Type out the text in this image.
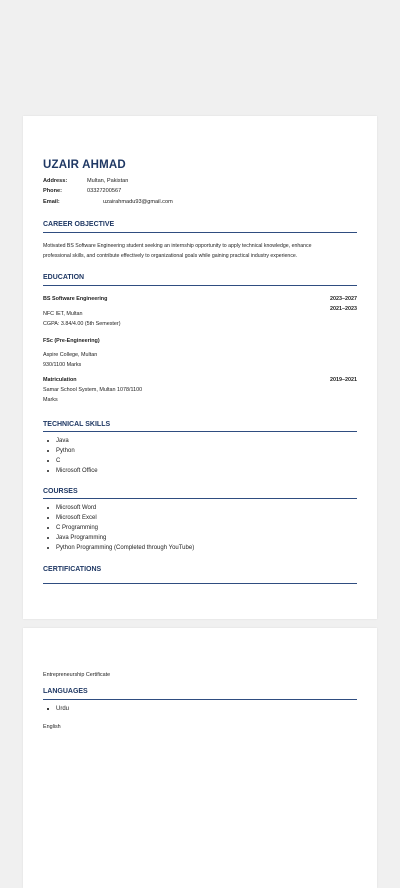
UZAIR AHMAD
Address:	Multan, Pakistan
Phone:	03327200567
Email:	uzairahmadu93@gmail.com
CAREER OBJECTIVE
Motivated BS Software Engineering student seeking an internship opportunity to apply technical knowledge, enhance
professional skills, and contribute effectively to organizational goals while gaining practical industry experience.
EDUCATION
BS Software Engineering	2023–2027
2021–2023
NFC IET, Multan
CGPA: 3.84/4.00 (5th Semester)
FSc (Pre-Engineering)
Aspire College, Multan
930/1100 Marks
Matriculation	2019–2021
Samar School System, Multan 1078/1100
Marks
TECHNICAL SKILLS
Java
Python
C
Microsoft Office
COURSES
Microsoft Word
Microsoft Excel
C Programming
Java Programming
Python Programming (Completed through YouTube)
CERTIFICATIONS
Entrepreneurship Certificate
LANGUAGES
Urdu
English
